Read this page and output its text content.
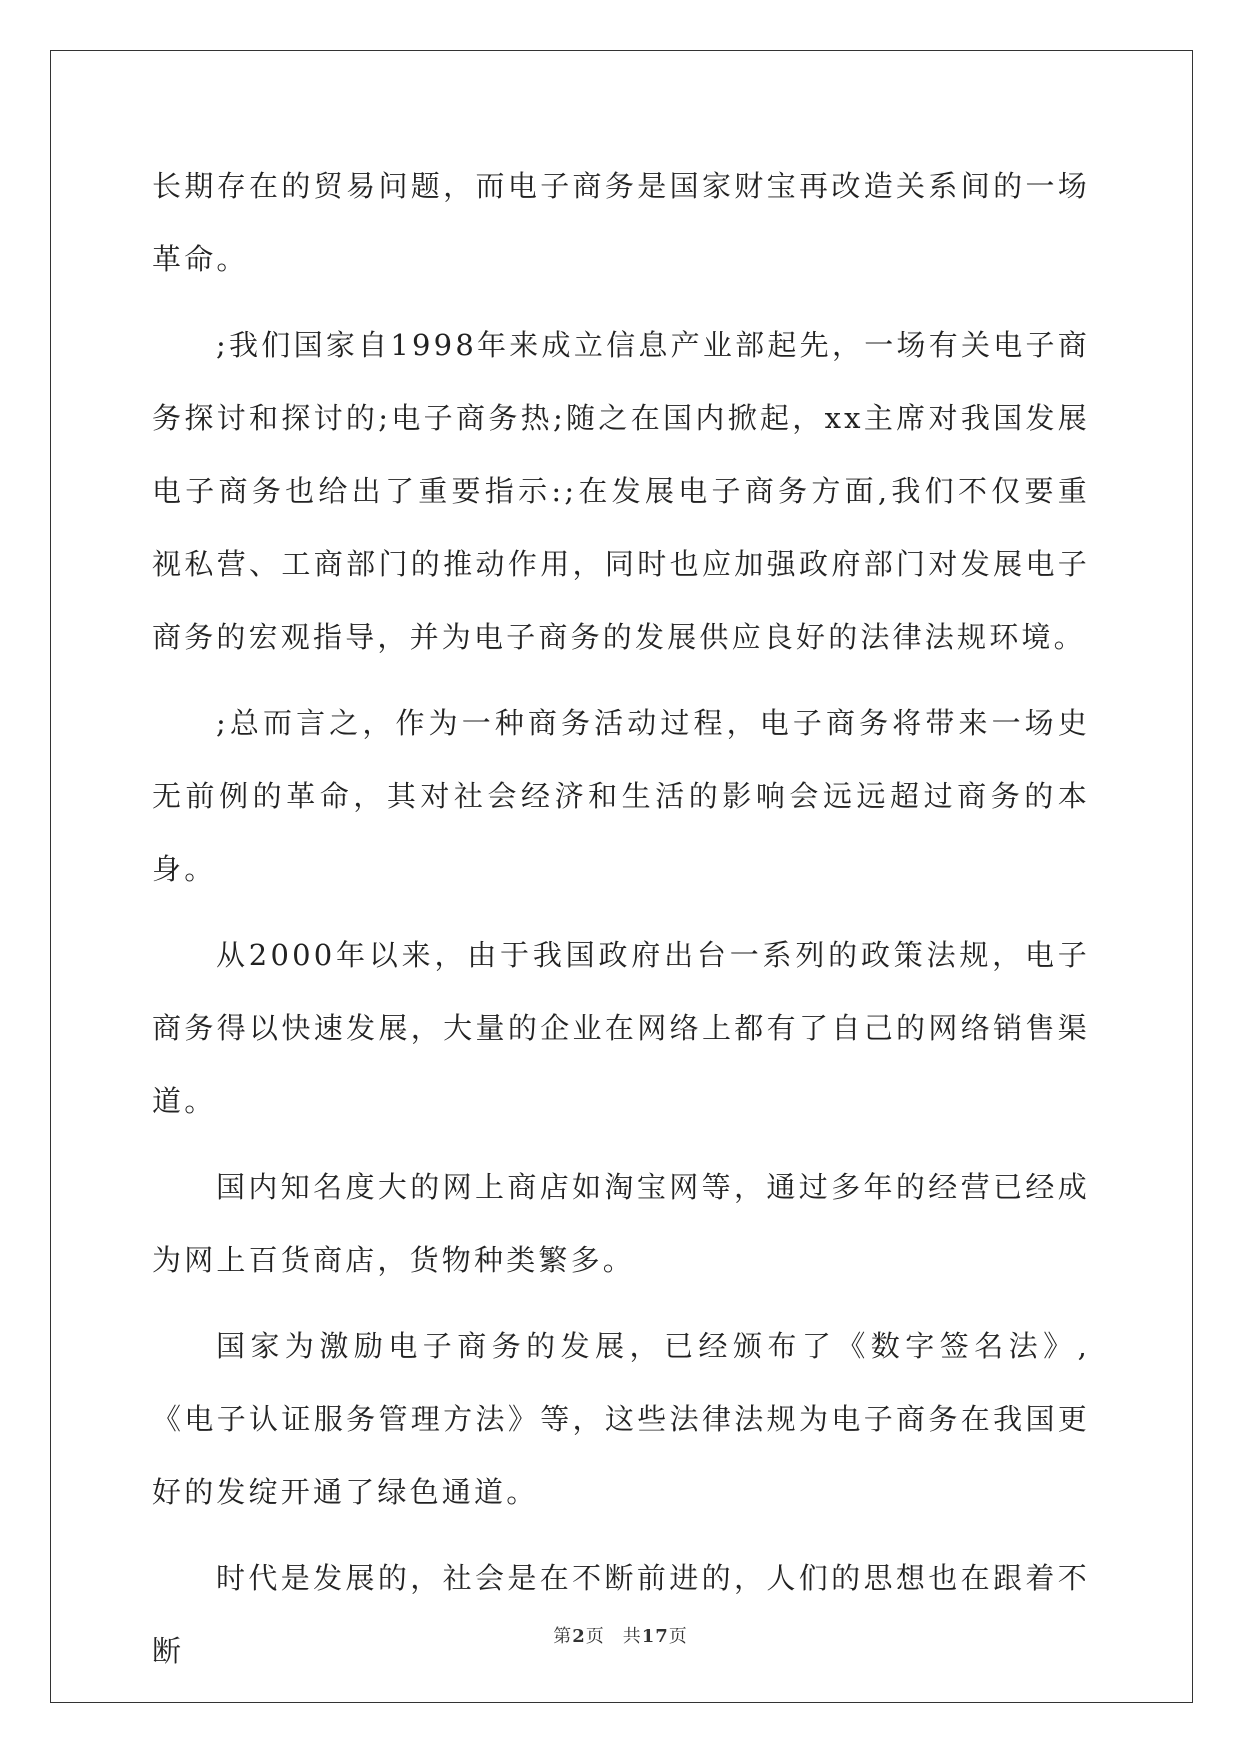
长期存在的贸易问题，而电子商务是国家财宝再改造关系间的一场革命。

;我们国家自1998年来成立信息产业部起先，一场有关电子商务探讨和探讨的;电子商务热;随之在国内掀起，xx主席对我国发展电子商务也给出了重要指示:;在发展电子商务方面,我们不仅要重视私营、工商部门的推动作用，同时也应加强政府部门对发展电子商务的宏观指导，并为电子商务的发展供应良好的法律法规环境。

;总而言之，作为一种商务活动过程，电子商务将带来一场史无前例的革命，其对社会经济和生活的影响会远远超过商务的本身。

从2000年以来，由于我国政府出台一系列的政策法规，电子商务得以快速发展，大量的企业在网络上都有了自己的网络销售渠道。

国内知名度大的网上商店如淘宝网等，通过多年的经营已经成为网上百货商店，货物种类繁多。

国家为激励电子商务的发展，已经颁布了《数字签名法》,《电子认证服务管理方法》等，这些法律法规为电子商务在我国更好的发绽开通了绿色通道。

时代是发展的，社会是在不断前进的，人们的思想也在跟着不断	第2页 共17页
